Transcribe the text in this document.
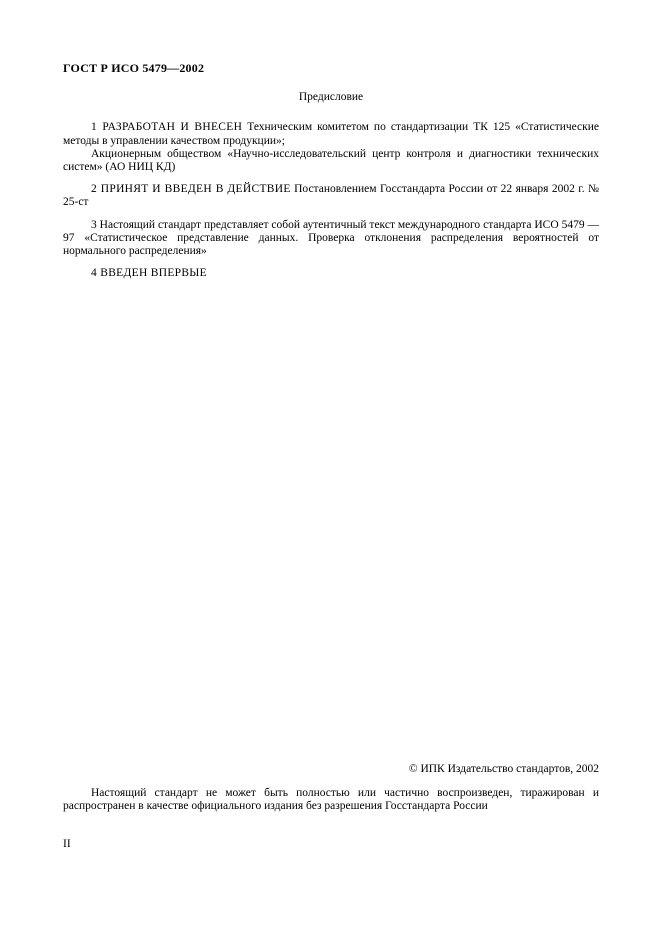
ГОСТ Р ИСО 5479—2002
Предисловие

1 РАЗРАБОТАН И ВНЕСЕН Техническим комитетом по стандартизации ТК 125 «Статистические методы в управлении качеством продукции»;

Акционерным обществом «Научно-исследовательский центр контроля и диагностики технических систем» (АО НИЦ КД)

2 ПРИНЯТ И ВВЕДЕН В ДЕЙСТВИЕ Постановлением Госстандарта России от 22 января 2002 г. № 25-ст

3 Настоящий стандарт представляет собой аутентичный текст международного стандарта ИСО 5479 —97 «Статистическое представление данных. Проверка отклонения распределения вероятностей от нормального распределения»

4 ВВЕДЕН ВПЕРВЫЕ

© ИПК Издательство стандартов, 2002

Настоящий стандарт не может быть полностью или частично воспроизведен, тиражирован и распространен в качестве официального издания без разрешения Госстандарта России

II
